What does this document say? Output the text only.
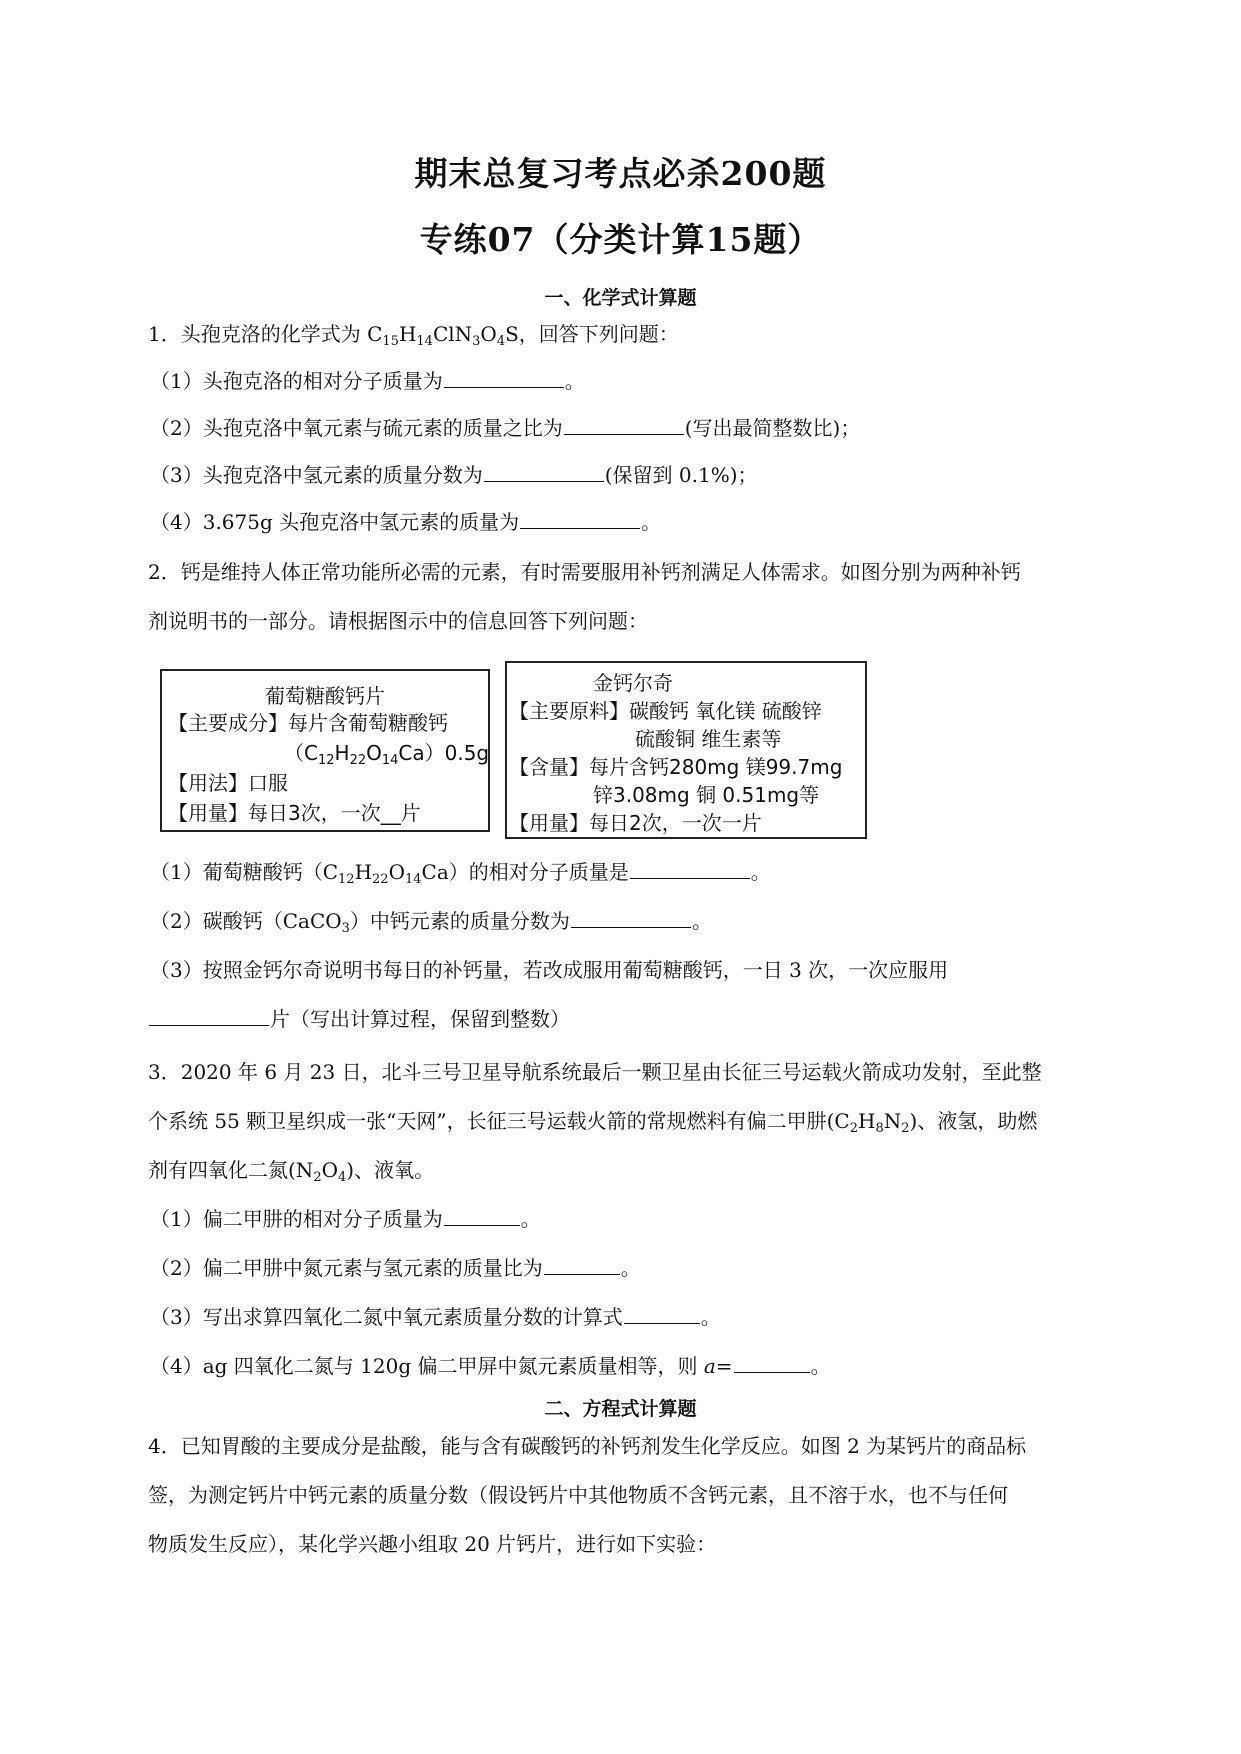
期末总复习考点必杀200题
专练07（分类计算15题）
一、化学式计算题
1．头孢克洛的化学式为 $C_{15}H_{14}ClN_3O_4S$，回答下列问题：
（1）头孢克洛的相对分子质量为	。
（2）头孢克洛中氧元素与硫元素的质量之比为	(写出最简整数比)；
（3）头孢克洛中氢元素的质量分数为	(保留到 0.1%)；
（4）3.675g 头孢克洛中氢元素的质量为	。
2．钙是维持人体正常功能所必需的元素，有时需要服用补钙剂满足人体需求。如图分别为两种补钙
剂说明书的一部分。请根据图示中的信息回答下列问题：
葡萄糖酸钙片
【主要成分】每片含葡萄糖酸钙
$(C_{12}H_{22}O_{14}Ca)0.5g$
【用法】口服
【用量】每日3次，一次__片
金钙尔奇
【主要原料】碳酸钙 氧化镁 硫酸锌
硫酸铜 维生素等
【含量】每片含钙280mg 镁99.7mg
锌3.08mg 铜 0.51mg等
【用量】每日2次，一次一片
（1）葡萄糖酸钙$(C_{12}H_{22}O_{14}Ca)$的相对分子质量是	。
（2）碳酸钙（CaCO$_3$）中钙元素的质量分数为	。
（3）按照金钙尔奇说明书每日的补钙量，若改成服用葡萄糖酸钙，一日 3 次，一次应服用
片（写出计算过程，保留到整数）
3．2020 年 6 月 23 日，北斗三号卫星导航系统最后一颗卫星由长征三号运载火箭成功发射，至此整
个系统 55 颗卫星织成一张“天网”，长征三号运载火箭的常规燃料有偏二甲肼$(C_2H_8N_2)$、液氢，助燃
剂有四氧化二氮$(N_2O_4)$、液氧。
（1）偏二甲肼的相对分子质量为	。
（2）偏二甲肼中氮元素与氢元素的质量比为	。
（3）写出求算四氧化二氮中氧元素质量分数的计算式	。
（4）ag 四氧化二氮与 120g 偏二甲屏中氮元素质量相等，则 a=	。
二、方程式计算题
4．已知胃酸的主要成分是盐酸，能与含有碳酸钙的补钙剂发生化学反应。如图 2 为某钙片的商品标
签，为测定钙片中钙元素的质量分数（假设钙片中其他物质不含钙元素，且不溶于水，也不与任何
物质发生反应），某化学兴趣小组取 20 片钙片，进行如下实验：
